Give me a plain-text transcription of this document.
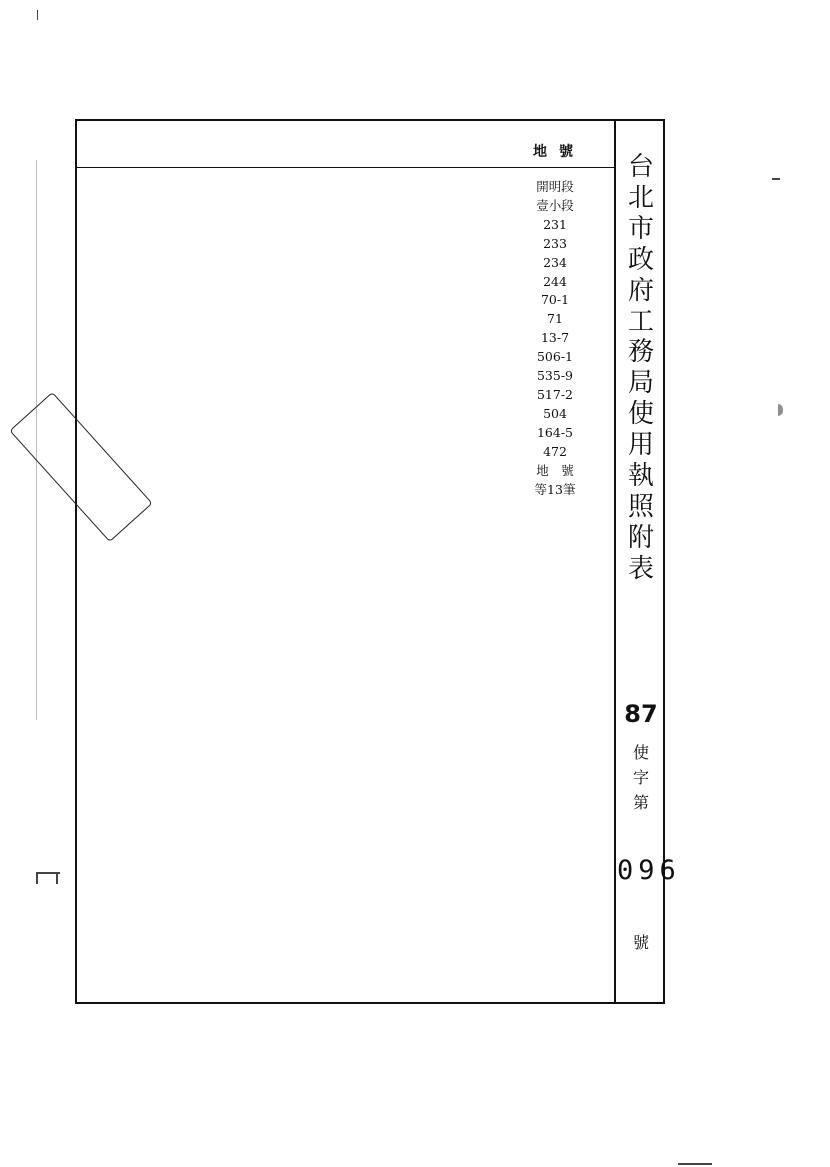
地號
開明段
壹小段
231
233
234
244
70-1
71
13-7
506-1
535-9
517-2
504
164-5
472
地　號
等13筆
台
北
市
政
府
工
務
局
使
用
執
照
附
表
87
使
字
第
096
號
